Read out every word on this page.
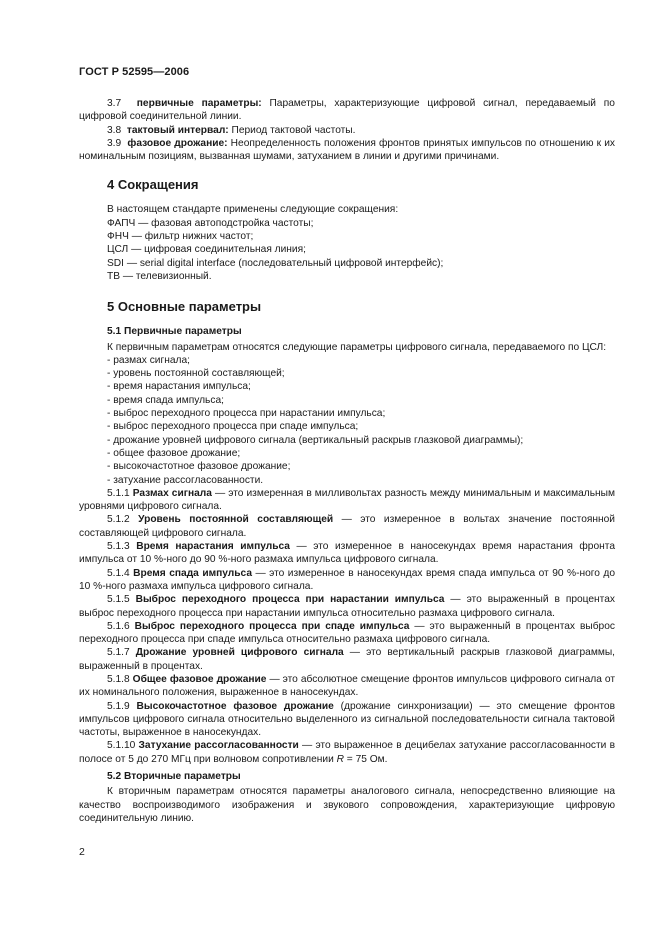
ГОСТ Р 52595—2006

3.7 первичные параметры: Параметры, характеризующие цифровой сигнал, передаваемый по цифровой соединительной линии.

3.8 тактовый интервал: Период тактовой частоты.

3.9 фазовое дрожание: Неопределенность положения фронтов принятых импульсов по отношению к их номинальным позициям, вызванная шумами, затуханием в линии и другими причинами.

4 Сокращения
В настоящем стандарте применены следующие сокращения:
ФАПЧ — фазовая автоподстройка частоты;
ФНЧ — фильтр нижних частот;
ЦСЛ — цифровая соединительная линия;
SDI — serial digital interface (последовательный цифровой интерфейс);
ТВ — телевизионный.
5 Основные параметры
5.1 Первичные параметры

К первичным параметрам относятся следующие параметры цифрового сигнала, передаваемого по ЦСЛ:

- размах сигнала;
- уровень постоянной составляющей;
- время нарастания импульса;
- время спада импульса;
- выброс переходного процесса при нарастании импульса;
- выброс переходного процесса при спаде импульса;
- дрожание уровней цифрового сигнала (вертикальный раскрыв глазковой диаграммы);
- общее фазовое дрожание;
- высокочастотное фазовое дрожание;
- затухание рассогласованности.

5.1.1 Размах сигнала — это измеренная в милливольтах разность между минимальным и максимальным уровнями цифрового сигнала.

5.1.2 Уровень постоянной составляющей — это измеренное в вольтах значение постоянной составляющей цифрового сигнала.

5.1.3 Время нарастания импульса — это измеренное в наносекундах время нарастания фронта импульса от 10 %-ного до 90 %-ного размаха импульса цифрового сигнала.

5.1.4 Время спада импульса — это измеренное в наносекундах время спада импульса от 90 %-ного до 10 %-ного размаха импульса цифрового сигнала.

5.1.5 Выброс переходного процесса при нарастании импульса — это выраженный в процентах выброс переходного процесса при нарастании импульса относительно размаха цифрового сигнала.

5.1.6 Выброс переходного процесса при спаде импульса — это выраженный в процентах выброс переходного процесса при спаде импульса относительно размаха цифрового сигнала.

5.1.7 Дрожание уровней цифрового сигнала — это вертикальный раскрыв глазковой диаграммы, выраженный в процентах.

5.1.8 Общее фазовое дрожание — это абсолютное смещение фронтов импульсов цифрового сигнала от их номинального положения, выраженное в наносекундах.

5.1.9 Высокочастотное фазовое дрожание (дрожание синхронизации) — это смещение фронтов импульсов цифрового сигнала относительно выделенного из сигнальной последовательности сигнала тактовой частоты, выраженное в наносекундах.

5.1.10 Затухание рассогласованности — это выраженное в децибелах затухание рассогласованности в полосе от 5 до 270 МГц при волновом сопротивлении R = 75 Ом.

5.2 Вторичные параметры

К вторичным параметрам относятся параметры аналогового сигнала, непосредственно влияющие на качество воспроизводимого изображения и звукового сопровождения, характеризующие цифровую соединительную линию.

2
